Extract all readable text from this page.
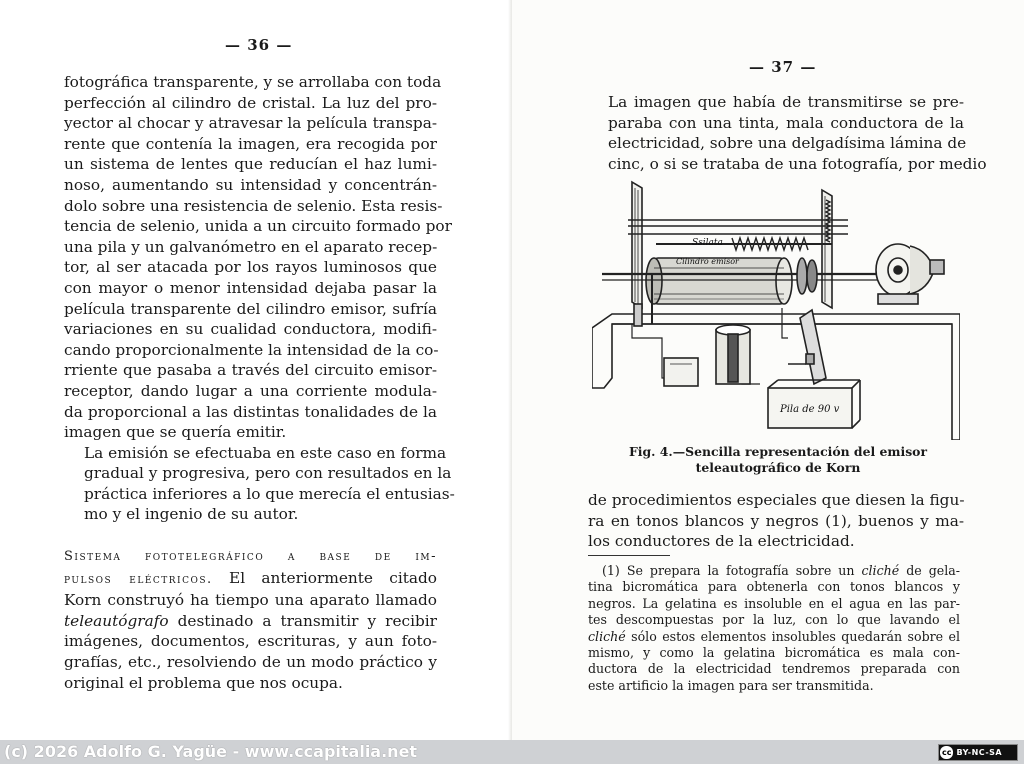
— 36 —

fotográfica transparente, y se arrollaba con toda
perfección al cilindro de cristal. La luz del pro-
yector al chocar y atravesar la película transpa-
rente que contenía la imagen, era recogida por
un sistema de lentes que reducían el haz lumi-
noso, aumentando su intensidad y concentrán-
dolo sobre una resistencia de selenio. Esta resis-
tencia de selenio, unida a un circuito formado por
una pila y un galvanómetro en el aparato recep-
tor, al ser atacada por los rayos luminosos que
con mayor o menor intensidad dejaba pasar la
película transparente del cilindro emisor, sufría
variaciones en su cualidad conductora, modifi-
cando proporcionalmente la intensidad de la co-
rriente que pasaba a través del circuito emisor-
receptor, dando lugar a una corriente modula-
da proporcional a las distintas tonalidades de la
imagen que se quería emitir.

La emisión se efectuaba en este caso en forma
gradual y progresiva, pero con resultados en la
práctica inferiores a lo que merecía el entusias-
mo y el ingenio de su autor.

Sistema fototelegráfico a base de im-
pulsos eléctricos. El anteriormente citado
Korn construyó ha tiempo una aparato llamado
teleautógrafo destinado a transmitir y recibir
imágenes, documentos, escrituras, y aun foto-
grafías, etc., resolviendo de un modo práctico y
original el problema que nos ocupa.

— 37 —

La imagen que había de transmitirse se pre-
paraba con una tinta, mala conductora de la
electricidad, sobre una delgadísima lámina de
cinc, o si se trataba de una fotografía, por medio

Ssilata
Cilindro emisor
Pila de 90 v
Fig. 4.—Sencilla representación del emisor
teleautográfico de Korn

de procedimientos especiales que diesen la figu-
ra en tonos blancos y negros (1), buenos y ma-
los conductores de la electricidad.

(1) Se prepara la fotografía sobre un cliché de gela-
tina bicromática para obtenerla con tonos blancos y
negros. La gelatina es insoluble en el agua en las par-
tes descompuestas por la luz, con lo que lavando el
cliché sólo estos elementos insolubles quedarán sobre el
mismo, y como la gelatina bicromática es mala con-
ductora de la electricidad tendremos preparada con
este artificio la imagen para ser transmitida.
(c) 2026 Adolfo G. Yagüe - www.ccapitalia.net	cc BY-NC-SA
